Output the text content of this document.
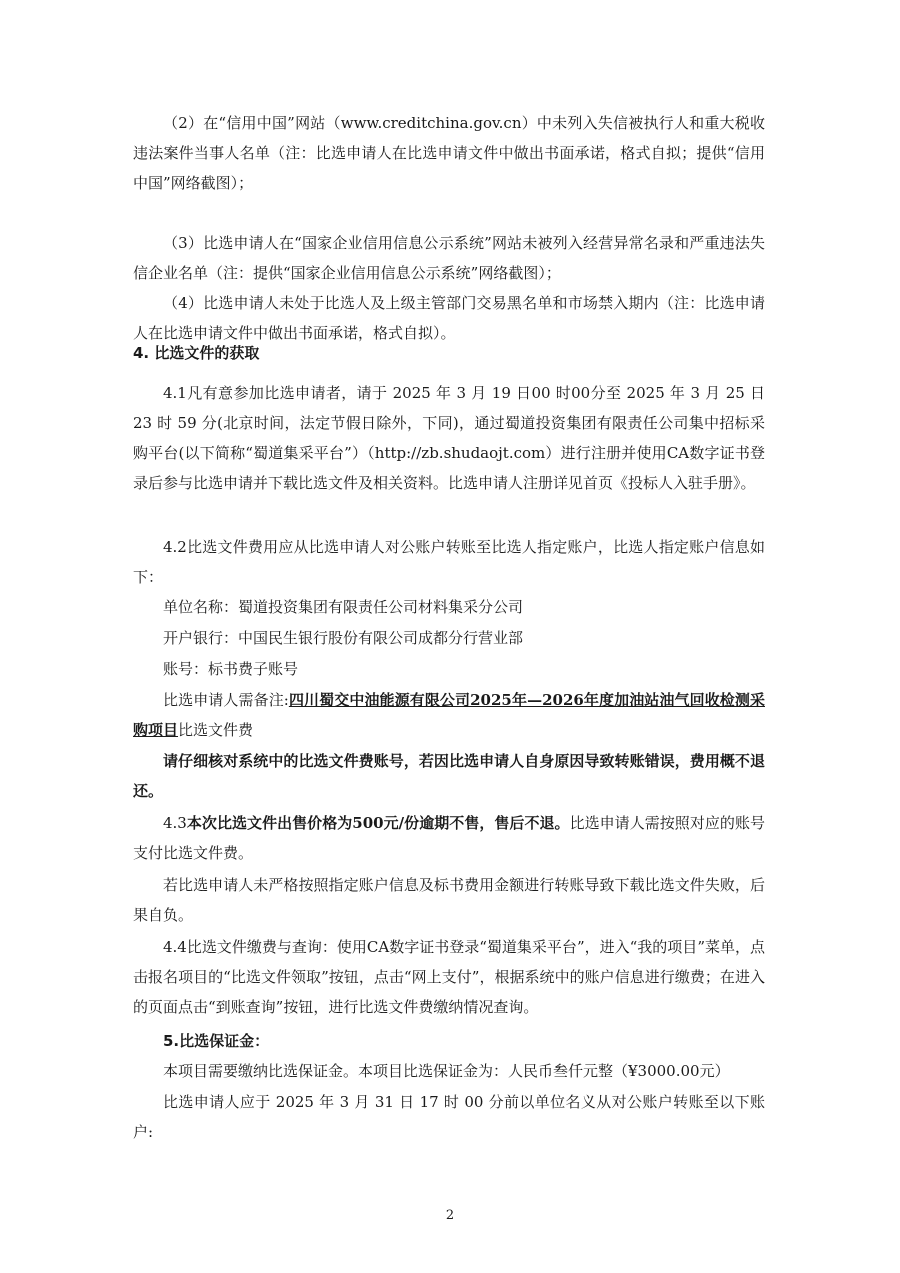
（2）在“信用中国”网站（www.creditchina.gov.cn）中未列入失信被执行人和重大税收违法案件当事人名单（注：比选申请人在比选申请文件中做出书面承诺，格式自拟；提供“信用中国”网络截图）；

（3）比选申请人在“国家企业信用信息公示系统”网站未被列入经营异常名录和严重违法失信企业名单（注：提供“国家企业信用信息公示系统”网络截图）；

（4）比选申请人未处于比选人及上级主管部门交易黑名单和市场禁入期内（注：比选申请人在比选申请文件中做出书面承诺，格式自拟）。

4. 比选文件的获取

4.1凡有意参加比选申请者，请于 2025 年 3 月 19 日00 时00分至 2025 年 3 月 25 日 23 时 59 分(北京时间，法定节假日除外，下同)，通过蜀道投资集团有限责任公司集中招标采购平台(以下简称“蜀道集采平台”）（http://zb.shudaojt.com）进行注册并使用CA数字证书登录后参与比选申请并下载比选文件及相关资料。比选申请人注册详见首页《投标人入驻手册》。

4.2比选文件费用应从比选申请人对公账户转账至比选人指定账户，比选人指定账户信息如下：

单位名称：蜀道投资集团有限责任公司材料集采分公司
开户银行：中国民生银行股份有限公司成都分行营业部
账号：标书费子账号

比选申请人需备注:四川蜀交中油能源有限公司2025年—2026年度加油站油气回收检测采购项目比选文件费

请仔细核对系统中的比选文件费账号，若因比选申请人自身原因导致转账错误，费用概不退还。

4.3本次比选文件出售价格为500元/份逾期不售，售后不退。比选申请人需按照对应的账号支付比选文件费。

若比选申请人未严格按照指定账户信息及标书费用金额进行转账导致下载比选文件失败，后果自负。

4.4比选文件缴费与查询：使用CA数字证书登录“蜀道集采平台”，进入“我的项目”菜单，点击报名项目的“比选文件领取”按钮，点击“网上支付”，根据系统中的账户信息进行缴费；在进入的页面点击“到账查询”按钮，进行比选文件费缴纳情况查询。

5.比选保证金：

本项目需要缴纳比选保证金。本项目比选保证金为：人民币叁仟元整（¥3000.00元）

比选申请人应于 2025 年 3 月 31 日 17 时 00 分前以单位名义从对公账户转账至以下账户:

2
